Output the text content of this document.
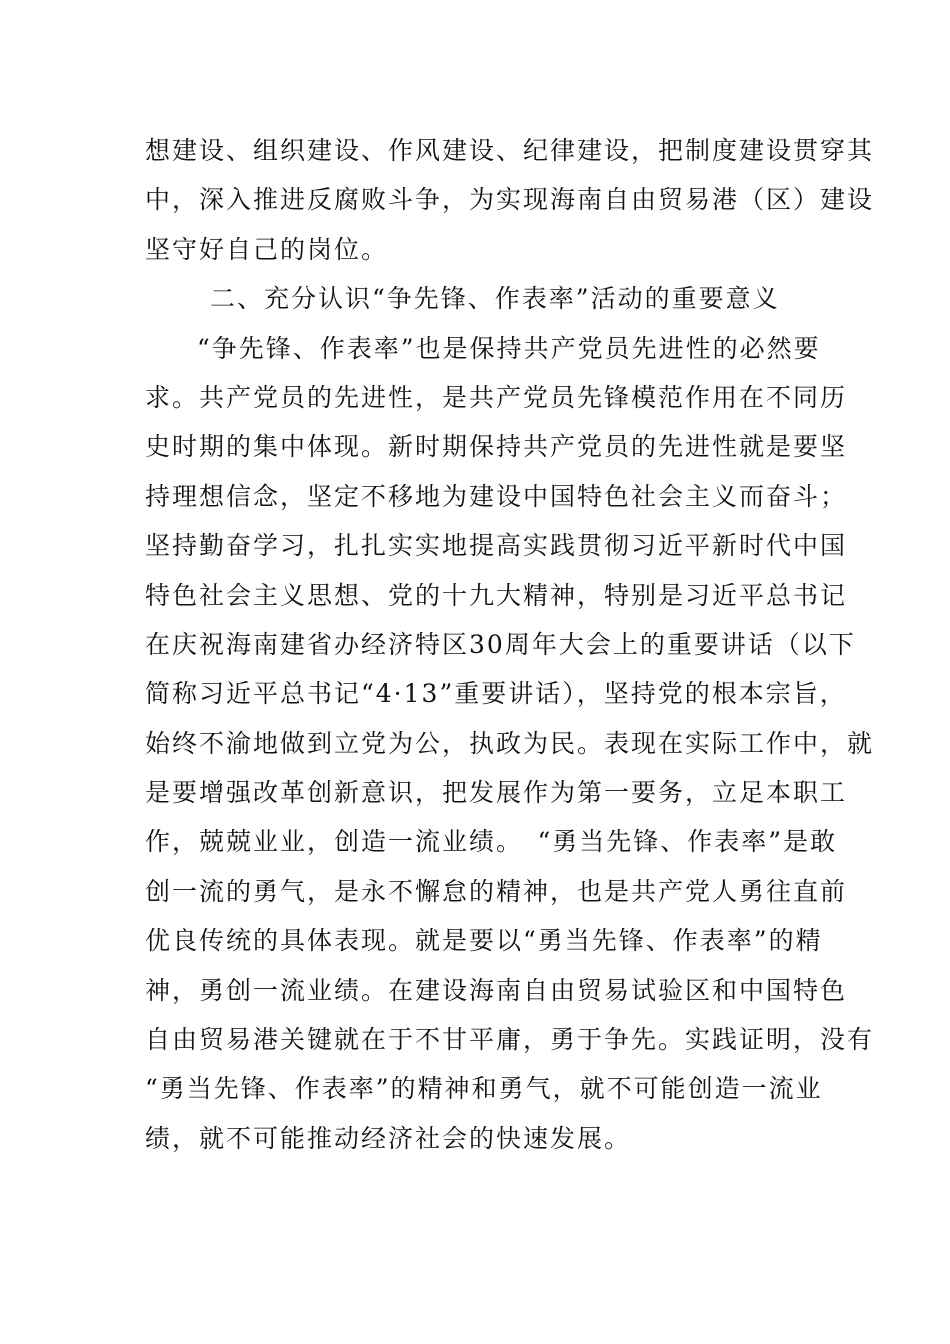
想建设、组织建设、作风建设、纪律建设，把制度建设贯穿其
中，深入推进反腐败斗争，为实现海南自由贸易港（区）建设
坚守好自己的岗位。
二、充分认识“争先锋、作表率”活动的重要意义
“争先锋、作表率”也是保持共产党员先进性的必然要
求。共产党员的先进性，是共产党员先锋模范作用在不同历
史时期的集中体现。新时期保持共产党员的先进性就是要坚
持理想信念，坚定不移地为建设中国特色社会主义而奋斗；
坚持勤奋学习，扎扎实实地提高实践贯彻习近平新时代中国
特色社会主义思想、党的十九大精神，特别是习近平总书记
在庆祝海南建省办经济特区30周年大会上的重要讲话（以下
简称习近平总书记“4·13”重要讲话），坚持党的根本宗旨，
始终不渝地做到立党为公，执政为民。表现在实际工作中，就
是要增强改革创新意识，把发展作为第一要务，立足本职工
作，兢兢业业，创造一流业绩。　“勇当先锋、作表率”是敢
创一流的勇气，是永不懈怠的精神，也是共产党人勇往直前
优良传统的具体表现。就是要以“勇当先锋、作表率”的精
神，勇创一流业绩。在建设海南自由贸易试验区和中国特色
自由贸易港关键就在于不甘平庸，勇于争先。实践证明，没有
“勇当先锋、作表率”的精神和勇气，就不可能创造一流业
绩，就不可能推动经济社会的快速发展。
